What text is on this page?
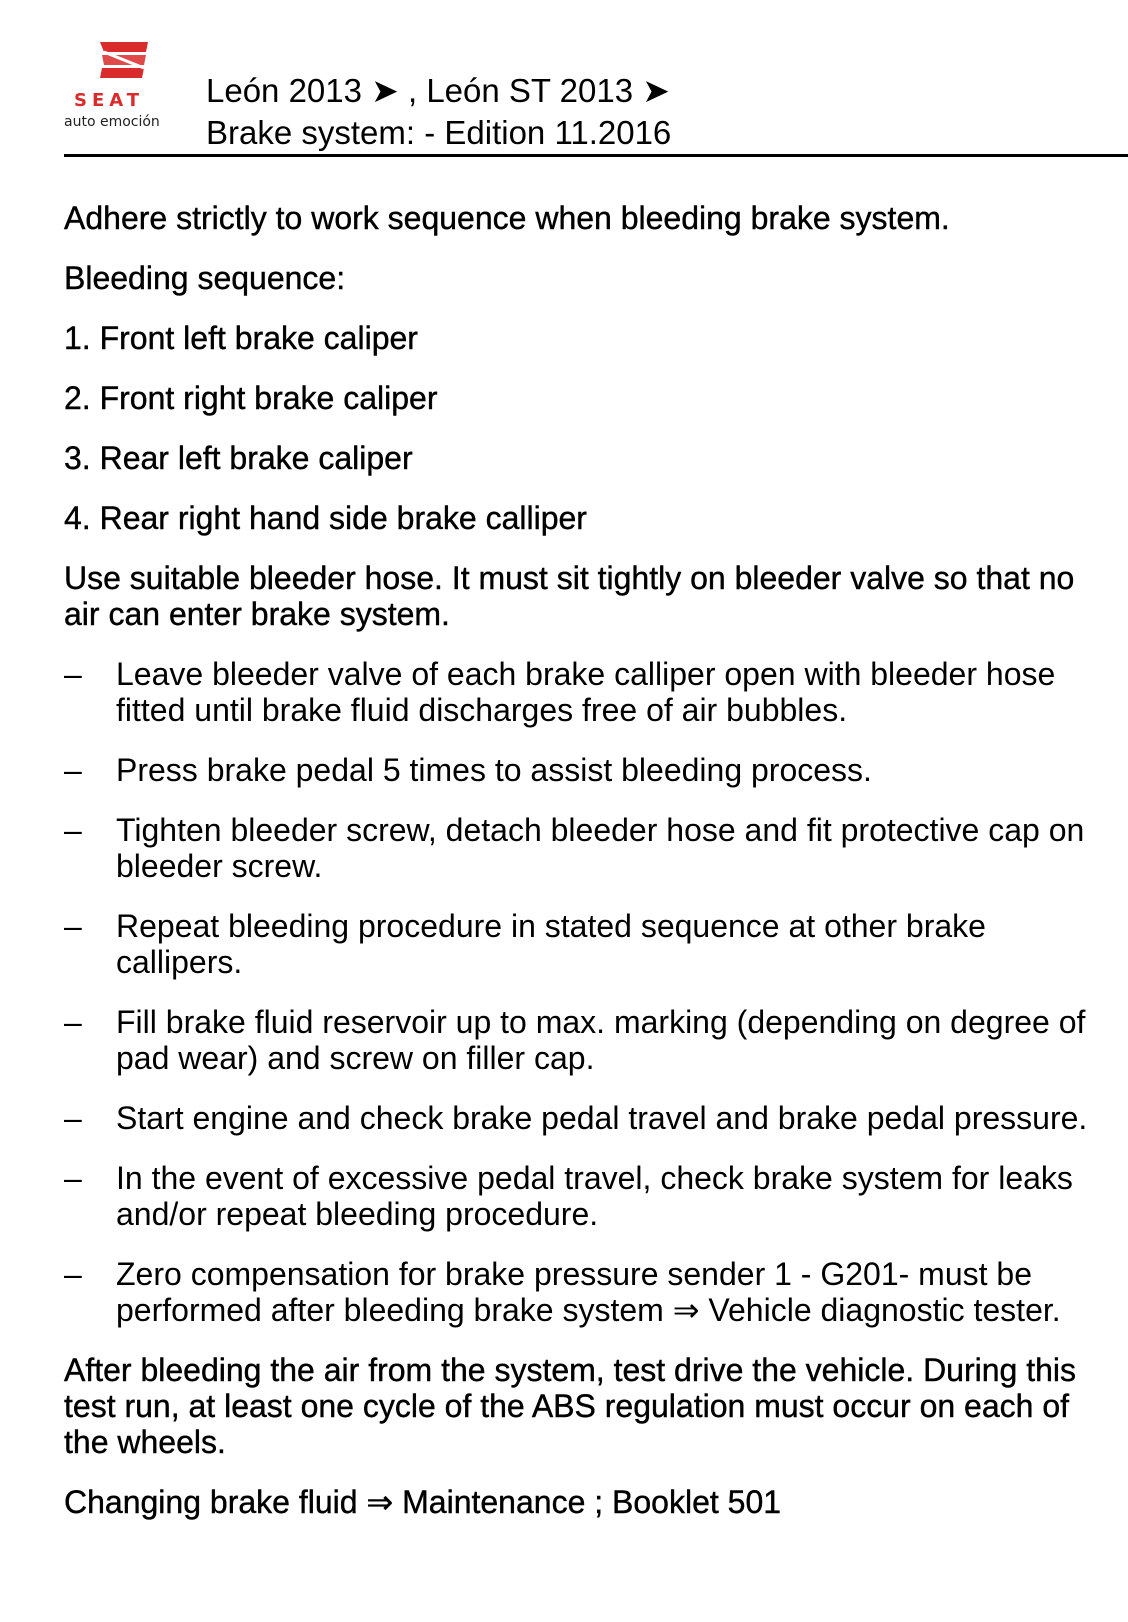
SEAT
auto emoción
León 2013 ➤ , León ST 2013 ➤
Brake system: - Edition 11.2016

Adhere strictly to work sequence when bleeding brake system.

Bleeding sequence:

1. Front left brake caliper

2. Front right brake caliper

3. Rear left brake caliper

4. Rear right hand side brake calliper

Use suitable bleeder hose. It must sit tightly on bleeder valve so that no air can enter brake system.

– Leave bleeder valve of each brake calliper open with bleeder hose fitted until brake fluid discharges free of air bubbles.
– Press brake pedal 5 times to assist bleeding process.
– Tighten bleeder screw, detach bleeder hose and fit protective cap on bleeder screw.
– Repeat bleeding procedure in stated sequence at other brake callipers.
– Fill brake fluid reservoir up to max. marking (depending on degree of pad wear) and screw on filler cap.
– Start engine and check brake pedal travel and brake pedal pressure.
– In the event of excessive pedal travel, check brake system for leaks and/or repeat bleeding procedure.
– Zero compensation for brake pressure sender 1 - G201- must be performed after bleeding brake system ⇒ Vehicle diagnostic tester.

After bleeding the air from the system, test drive the vehicle. During this test run, at least one cycle of the ABS regulation must occur on each of the wheels.

Changing brake fluid ⇒ Maintenance ; Booklet 501
